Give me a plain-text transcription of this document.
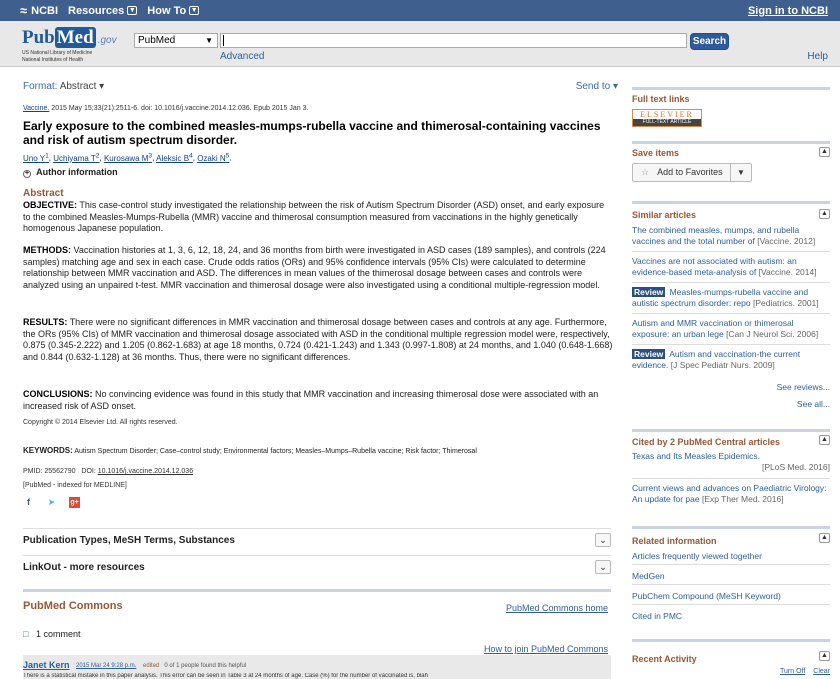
≈ NCBI Resources ▼ How To ▼	Sign in to NCBI
Pub Med .gov
US National Library of Medicine
National Institutes of Health
PubMed	▼	Search
Advanced	Help
Format: Abstract ▾	Send to ▾
Vaccine. 2015 May 15;33(21):2511-6. doi: 10.1016/j.vaccine.2014.12.036. Epub 2015 Jan 3.
Early exposure to the combined measles-mumps-rubella vaccine and thimerosal-containing vaccines and risk of autism spectrum disorder.
Uno $Y^1$, Uchiyama $T^2$, Kurosawa $M^3$, Aleksic $B^4$, Ozaki $N^5$.
+ Author information
Abstract

OBJECTIVE: This case-control study investigated the relationship between the risk of Autism Spectrum Disorder (ASD) onset, and early exposure to the combined Measles-Mumps-Rubella (MMR) vaccine and thimerosal consumption measured from vaccinations in the highly genetically homogenous Japanese population.

METHODS: Vaccination histories at 1, 3, 6, 12, 18, 24, and 36 months from birth were investigated in ASD cases (189 samples), and controls (224 samples) matching age and sex in each case. Crude odds ratios (ORs) and 95% confidence intervals (95% CIs) were calculated to determine relationship between MMR vaccination and ASD. The differences in mean values of the thimerosal dosage between cases and controls were analyzed using an unpaired t-test. MMR vaccination and thimerosal dosage were also investigated using a conditional multiple-regression model.

RESULTS: There were no significant differences in MMR vaccination and thimerosal dosage between cases and controls at any age. Furthermore, the ORs (95% CIs) of MMR vaccination and thimerosal dosage associated with ASD in the conditional multiple regression model were, respectively, 0.875 (0.345-2.222) and 1.205 (0.862-1.683) at age 18 months, 0.724 (0.421-1.243) and 1.343 (0.997-1.808) at 24 months, and 1.040 (0.648-1.668) and 0.844 (0.632-1.128) at 36 months. Thus, there were no significant differences.

CONCLUSIONS: No convincing evidence was found in this study that MMR vaccination and increasing thimerosal dose were associated with an increased risk of ASD onset.

Copyright © 2014 Elsevier Ltd. All rights reserved.
KEYWORDS: Autism Spectrum Disorder; Case–control study; Environmental factors; Measles–Mumps–Rubella vaccine; Risk factor; Thimerosal
PMID: 25562790 DOI: 10.1016/j.vaccine.2014.12.036
[PubMed - indexed for MEDLINE]
f	➤ g+
Publication Types, MeSH Terms, Substances	⌄
LinkOut - more resources	⌄
PubMed Commons	PubMed Commons home
□ 1 comment
How to join PubMed Commons
Janet Kern 2015 Mar 24 9:28 p.m. edited 0 of 1 people found this helpful
There is a statistical mistake in this paper analysis. This error can be seen in Table 3 at 24 months of age. Case (%) for the number of vaccinated is, blah
Full text links
ELSEVIER
FULL-TEXT ARTICLE
Save items	▲
☆ Add to Favorites	▼
Similar articles	▲
The combined measles, mumps, and rubella vaccines and the total number of [Vaccine. 2012]
Vaccines are not associated with autism: an evidence-based meta-analysis of [Vaccine. 2014]
Review Measles-mumps-rubella vaccine and autistic spectrum disorder: repo [Pediatrics. 2001]
Autism and MMR vaccination or thimerosal exposure: an urban lege [Can J Neurol Sci. 2006]
Review Autism and vaccination-the current evidence. [J Spec Pediatr Nurs. 2009]
See reviews...
See all...
Cited by 2 PubMed Central articles	▲
Texas and Its Measles Epidemics.

[PLoS Med. 2016]
Current views and advances on Paediatric Virology: An update for pae [Exp Ther Med. 2016]
Related information	▲
Articles frequently viewed together
MedGen
PubChem Compound (MeSH Keyword)
Cited in PMC
Recent Activity	▲
Turn Off Clear
